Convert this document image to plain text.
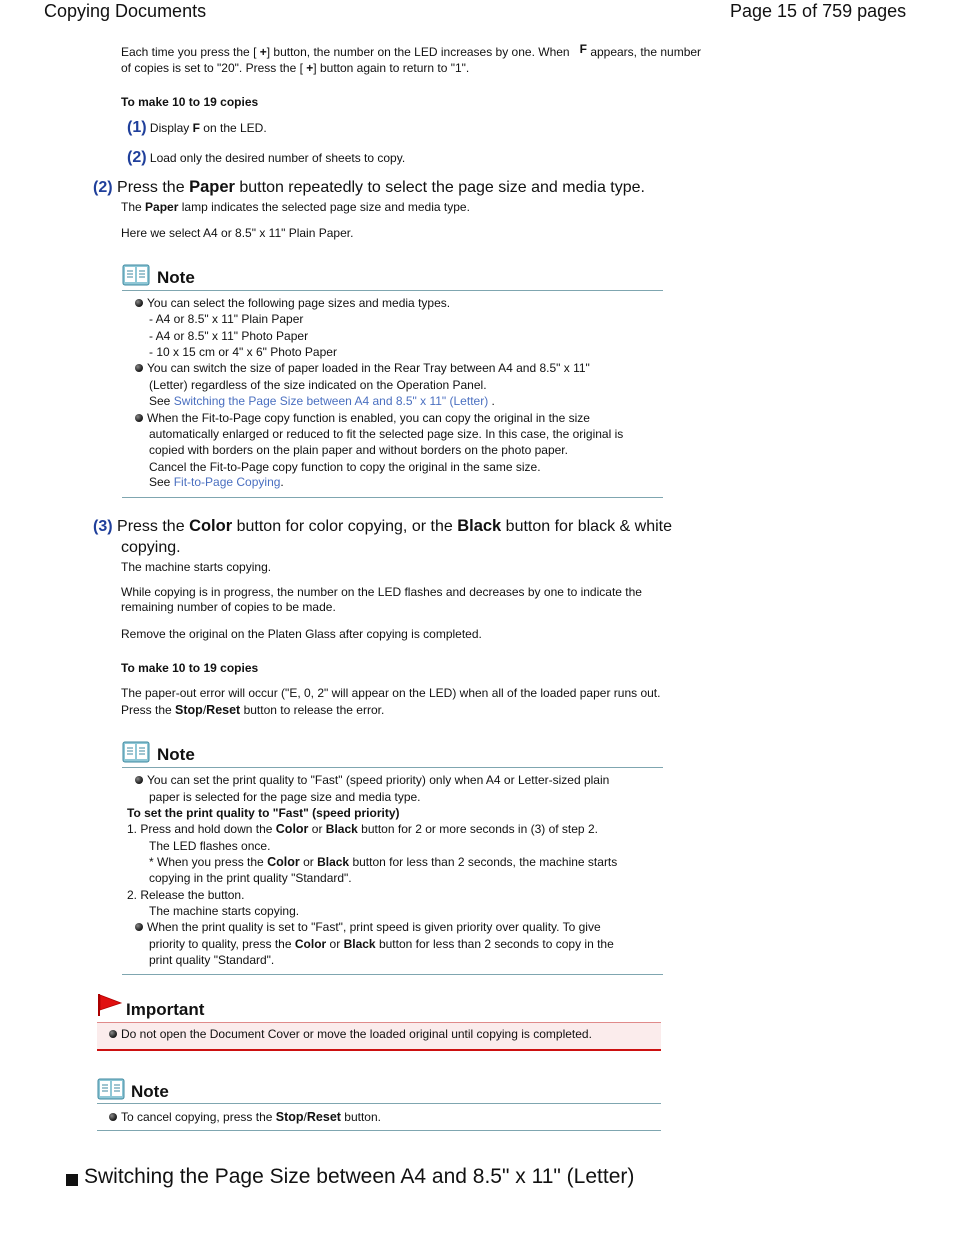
Copying Documents	Page 15 of 759 pages
Each time you press the [ +] button, the number on the LED increases by one. When F appears, the number
of copies is set to "20". Press the [ +] button again to return to "1".
To make 10 to 19 copies
(1) Display F on the LED.
(2) Load only the desired number of sheets to copy.
(2) Press the Paper button repeatedly to select the page size and media type.
The Paper lamp indicates the selected page size and media type.
Here we select A4 or 8.5" x 11" Plain Paper.
Note
You can select the following page sizes and media types.
- A4 or 8.5" x 11" Plain Paper
- A4 or 8.5" x 11" Photo Paper
- 10 x 15 cm or 4" x 6" Photo Paper
You can switch the size of paper loaded in the Rear Tray between A4 and 8.5" x 11"
(Letter) regardless of the size indicated on the Operation Panel.
See Switching the Page Size between A4 and 8.5" x 11" (Letter) .
When the Fit-to-Page copy function is enabled, you can copy the original in the size
automatically enlarged or reduced to fit the selected page size. In this case, the original is
copied with borders on the plain paper and without borders on the photo paper.
Cancel the Fit-to-Page copy function to copy the original in the same size.
See Fit-to-Page Copying.
(3) Press the Color button for color copying, or the Black button for black & white
copying.
The machine starts copying.
While copying is in progress, the number on the LED flashes and decreases by one to indicate the
remaining number of copies to be made.
Remove the original on the Platen Glass after copying is completed.
To make 10 to 19 copies
The paper-out error will occur ("E, 0, 2" will appear on the LED) when all of the loaded paper runs out.
Press the Stop/Reset button to release the error.
Note
You can set the print quality to "Fast" (speed priority) only when A4 or Letter-sized plain
paper is selected for the page size and media type.
To set the print quality to "Fast" (speed priority)
1. Press and hold down the Color or Black button for 2 or more seconds in (3) of step 2.
The LED flashes once.
* When you press the Color or Black button for less than 2 seconds, the machine starts
copying in the print quality "Standard".
2. Release the button.
The machine starts copying.
When the print quality is set to "Fast", print speed is given priority over quality. To give
priority to quality, press the Color or Black button for less than 2 seconds to copy in the
print quality "Standard".
Important
Do not open the Document Cover or move the loaded original until copying is completed.
Note
To cancel copying, press the Stop/Reset button.
Switching the Page Size between A4 and 8.5" x 11" (Letter)
